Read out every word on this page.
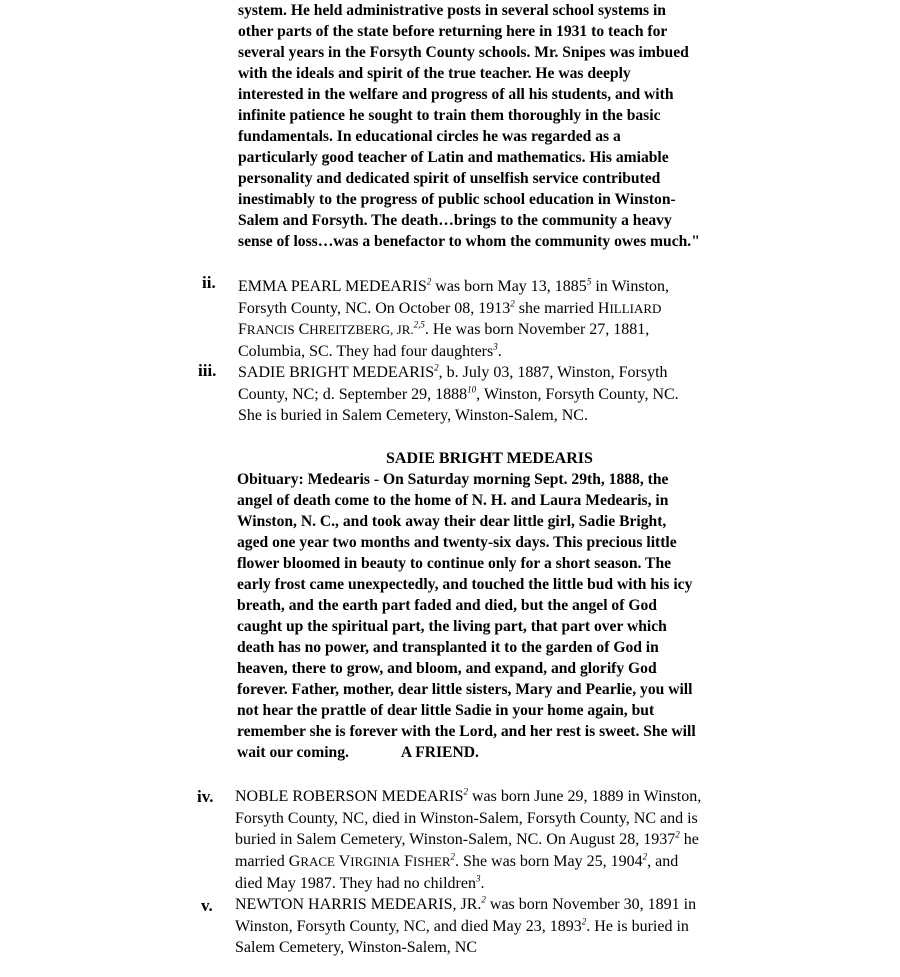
system. He held administrative posts in several school systems in
other parts of the state before returning here in 1931 to teach for
several years in the Forsyth County schools. Mr. Snipes was imbued
with the ideals and spirit of the true teacher. He was deeply
interested in the welfare and progress of all his students, and with
infinite patience he sought to train them thoroughly in the basic
fundamentals. In educational circles he was regarded as a
particularly good teacher of Latin and mathematics. His amiable
personality and dedicated spirit of unselfish service contributed
inestimably to the progress of public school education in Winston-
Salem and Forsyth. The death…brings to the community a heavy
sense of loss…was a benefactor to whom the community owes much."
ii. EMMA PEARL MEDEARIS$^2$ was born May 13, 1885$^5$ in Winston,
Forsyth County, NC. On October 08, 1913$^2$ she married HILLIARD
FRANCIS CHREITZBERG, JR.$^{2,5}$. He was born November 27, 1881,
Columbia, SC. They had four daughters$^3$.
iii. SADIE BRIGHT MEDEARIS$^2$, b. July 03, 1887, Winston, Forsyth
County, NC; d. September 29, 1888$^{10}$, Winston, Forsyth County, NC.
She is buried in Salem Cemetery, Winston-Salem, NC.
SADIE BRIGHT MEDEARIS
Obituary: Medearis - On Saturday morning Sept. 29th, 1888, the
angel of death come to the home of N. H. and Laura Medearis, in
Winston, N. C., and took away their dear little girl, Sadie Bright,
aged one year two months and twenty-six days. This precious little
flower bloomed in beauty to continue only for a short season. The
early frost came unexpectedly, and touched the little bud with his icy
breath, and the earth part faded and died, but the angel of God
caught up the spiritual part, the living part, that part over which
death has no power, and transplanted it to the garden of God in
heaven, there to grow, and bloom, and expand, and glorify God
forever. Father, mother, dear little sisters, Mary and Pearlie, you will
not hear the prattle of dear little Sadie in your home again, but
remember she is forever with the Lord, and her rest is sweet. She will
wait our coming.	A FRIEND.
iv. NOBLE ROBERSON MEDEARIS$^2$ was born June 29, 1889 in Winston,
Forsyth County, NC, died in Winston-Salem, Forsyth County, NC and is
buried in Salem Cemetery, Winston-Salem, NC. On August 28, 1937$^2$ he
married GRACE VIRGINIA FISHER$^2$. She was born May 25, 1904$^2$, and
died May 1987. They had no children$^3$.
v. NEWTON HARRIS MEDEARIS, JR.$^2$ was born November 30, 1891 in
Winston, Forsyth County, NC, and died May 23, 1893$^2$. He is buried in
Salem Cemetery, Winston-Salem, NC
